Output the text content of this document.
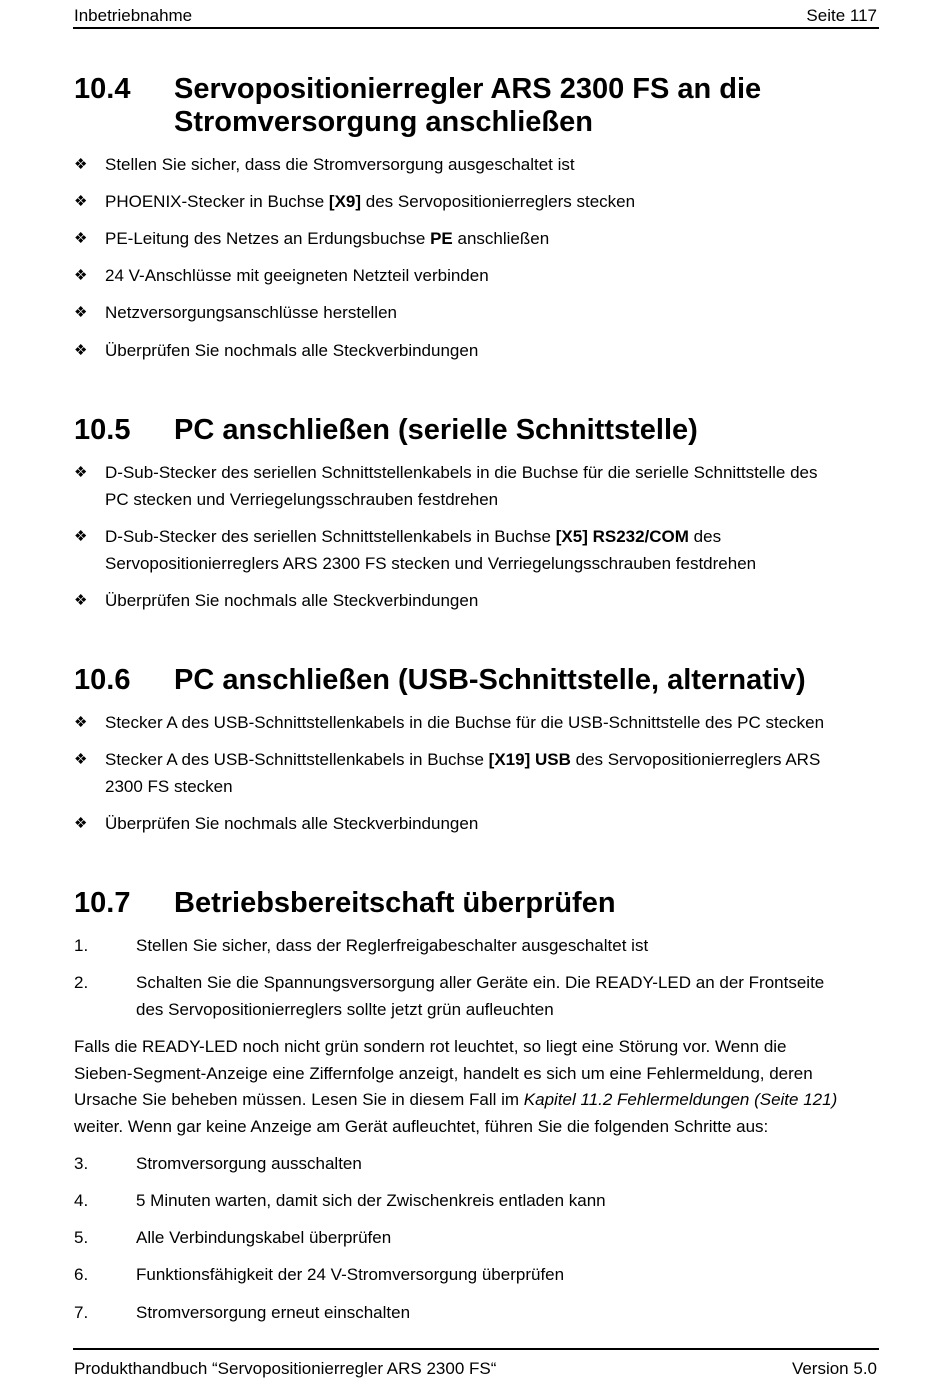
Inbetriebnahme	Seite 117
10.4 Servopositionierregler ARS 2300 FS an die
Stromversorgung anschließen
❖ Stellen Sie sicher, dass die Stromversorgung ausgeschaltet ist
❖ PHOENIX-Stecker in Buchse [X9] des Servopositionierreglers stecken
❖ PE-Leitung des Netzes an Erdungsbuchse PE anschließen
❖ 24 V-Anschlüsse mit geeigneten Netzteil verbinden
❖ Netzversorgungsanschlüsse herstellen
❖ Überprüfen Sie nochmals alle Steckverbindungen
10.5 PC anschließen (serielle Schnittstelle)
❖ D-Sub-Stecker des seriellen Schnittstellenkabels in die Buchse für die serielle Schnittstelle des
PC stecken und Verriegelungsschrauben festdrehen
❖ D-Sub-Stecker des seriellen Schnittstellenkabels in Buchse [X5] RS232/COM des
Servopositionierreglers ARS 2300 FS stecken und Verriegelungsschrauben festdrehen
❖ Überprüfen Sie nochmals alle Steckverbindungen
10.6 PC anschließen (USB-Schnittstelle, alternativ)
❖ Stecker A des USB-Schnittstellenkabels in die Buchse für die USB-Schnittstelle des PC stecken
❖ Stecker A des USB-Schnittstellenkabels in Buchse [X19] USB des Servopositionierreglers ARS
2300 FS stecken
❖ Überprüfen Sie nochmals alle Steckverbindungen
10.7 Betriebsbereitschaft überprüfen
1.	Stellen Sie sicher, dass der Reglerfreigabeschalter ausgeschaltet ist
2.	Schalten Sie die Spannungsversorgung aller Geräte ein. Die READY-LED an der Frontseite
des Servopositionierreglers sollte jetzt grün aufleuchten
Falls die READY-LED noch nicht grün sondern rot leuchtet, so liegt eine Störung vor. Wenn die
Sieben-Segment-Anzeige eine Ziffernfolge anzeigt, handelt es sich um eine Fehlermeldung, deren
Ursache Sie beheben müssen. Lesen Sie in diesem Fall im Kapitel 11.2 Fehlermeldungen (Seite 121)
weiter. Wenn gar keine Anzeige am Gerät aufleuchtet, führen Sie die folgenden Schritte aus:
3.	Stromversorgung ausschalten
4.	5 Minuten warten, damit sich der Zwischenkreis entladen kann
5.	Alle Verbindungskabel überprüfen
6.	Funktionsfähigkeit der 24 V-Stromversorgung überprüfen
7.	Stromversorgung erneut einschalten
Produkthandbuch “Servopositionierregler ARS 2300 FS“	Version 5.0
